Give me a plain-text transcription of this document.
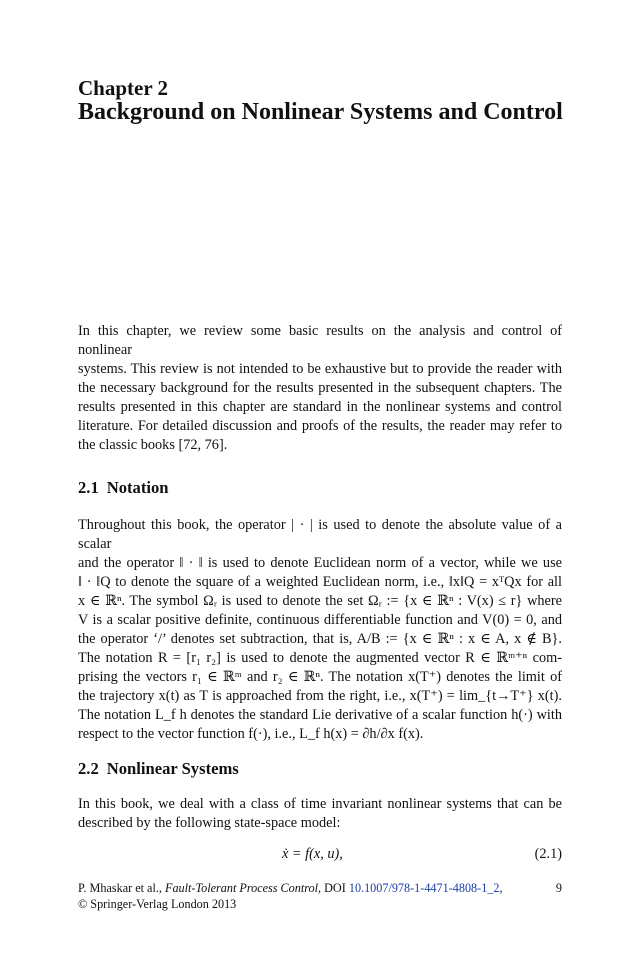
Chapter 2
Background on Nonlinear Systems and Control
In this chapter, we review some basic results on the analysis and control of nonlinear
systems. This review is not intended to be exhaustive but to provide the reader with
the necessary background for the results presented in the subsequent chapters. The
results presented in this chapter are standard in the nonlinear systems and control
literature. For detailed discussion and proofs of the results, the reader may refer to
the classic books [72, 76].
2.1 Notation
Throughout this book, the operator | · | is used to denote the absolute value of a scalar
and the operator ‖ · ‖ is used to denote Euclidean norm of a vector, while we use
‖ · ‖Q to denote the square of a weighted Euclidean norm, i.e., ‖x‖Q = xᵀQx for all
x ∈ ℝⁿ. The symbol Ωᵣ is used to denote the set Ωᵣ := {x ∈ ℝⁿ : V(x) ≤ r} where
V is a scalar positive definite, continuous differentiable function and V(0) = 0, and
the operator ‘/’ denotes set subtraction, that is, A/B := {x ∈ ℝⁿ : x ∈ A, x ∉ B}.
The notation R = [r₁ r₂] is used to denote the augmented vector R ∈ ℝᵐ⁺ⁿ com-
prising the vectors r₁ ∈ ℝᵐ and r₂ ∈ ℝⁿ. The notation x(T⁺) denotes the limit of
the trajectory x(t) as T is approached from the right, i.e., x(T⁺) = lim_{t→T⁺} x(t).
The notation L_f h denotes the standard Lie derivative of a scalar function h(·) with
respect to the vector function f(·), i.e., L_f h(x) = ∂h/∂x f(x).
2.2 Nonlinear Systems
In this book, we deal with a class of time invariant nonlinear systems that can be
described by the following state-space model:
ẋ = f(x, u),	(2.1)
P. Mhaskar et al., Fault-Tolerant Process Control, DOI 10.1007/978-1-4471-4808-1_2,
© Springer-Verlag London 2013
9
